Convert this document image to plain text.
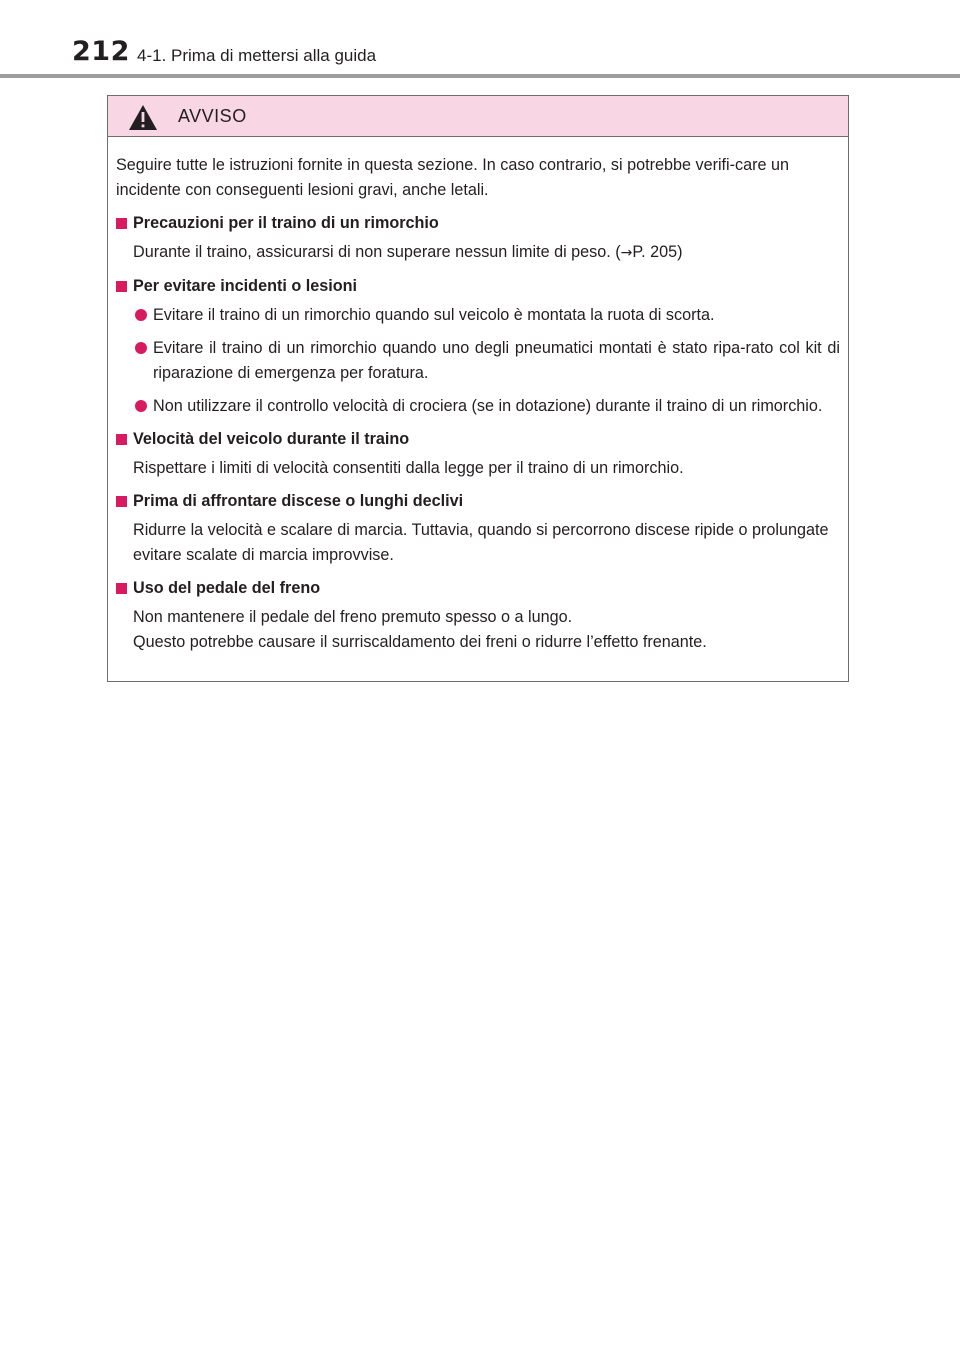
212 4-1. Prima di mettersi alla guida
AVVISO

Seguire tutte le istruzioni fornite in questa sezione. In caso contrario, si potrebbe verifi-care un incidente con conseguenti lesioni gravi, anche letali.

Precauzioni per il traino di un rimorchio
Durante il traino, assicurarsi di non superare nessun limite di peso. (→P. 205)
Per evitare incidenti o lesioni
Evitare il traino di un rimorchio quando sul veicolo è montata la ruota di scorta.
Evitare il traino di un rimorchio quando uno degli pneumatici montati è stato ripa-rato col kit di riparazione di emergenza per foratura.
Non utilizzare il controllo velocità di crociera (se in dotazione) durante il traino di un rimorchio.
Velocità del veicolo durante il traino
Rispettare i limiti di velocità consentiti dalla legge per il traino di un rimorchio.
Prima di affrontare discese o lunghi declivi
Ridurre la velocità e scalare di marcia. Tuttavia, quando si percorrono discese ripide o prolungate evitare scalate di marcia improvvise.
Uso del pedale del freno
Non mantenere il pedale del freno premuto spesso o a lungo.
Questo potrebbe causare il surriscaldamento dei freni o ridurre l’effetto frenante.
